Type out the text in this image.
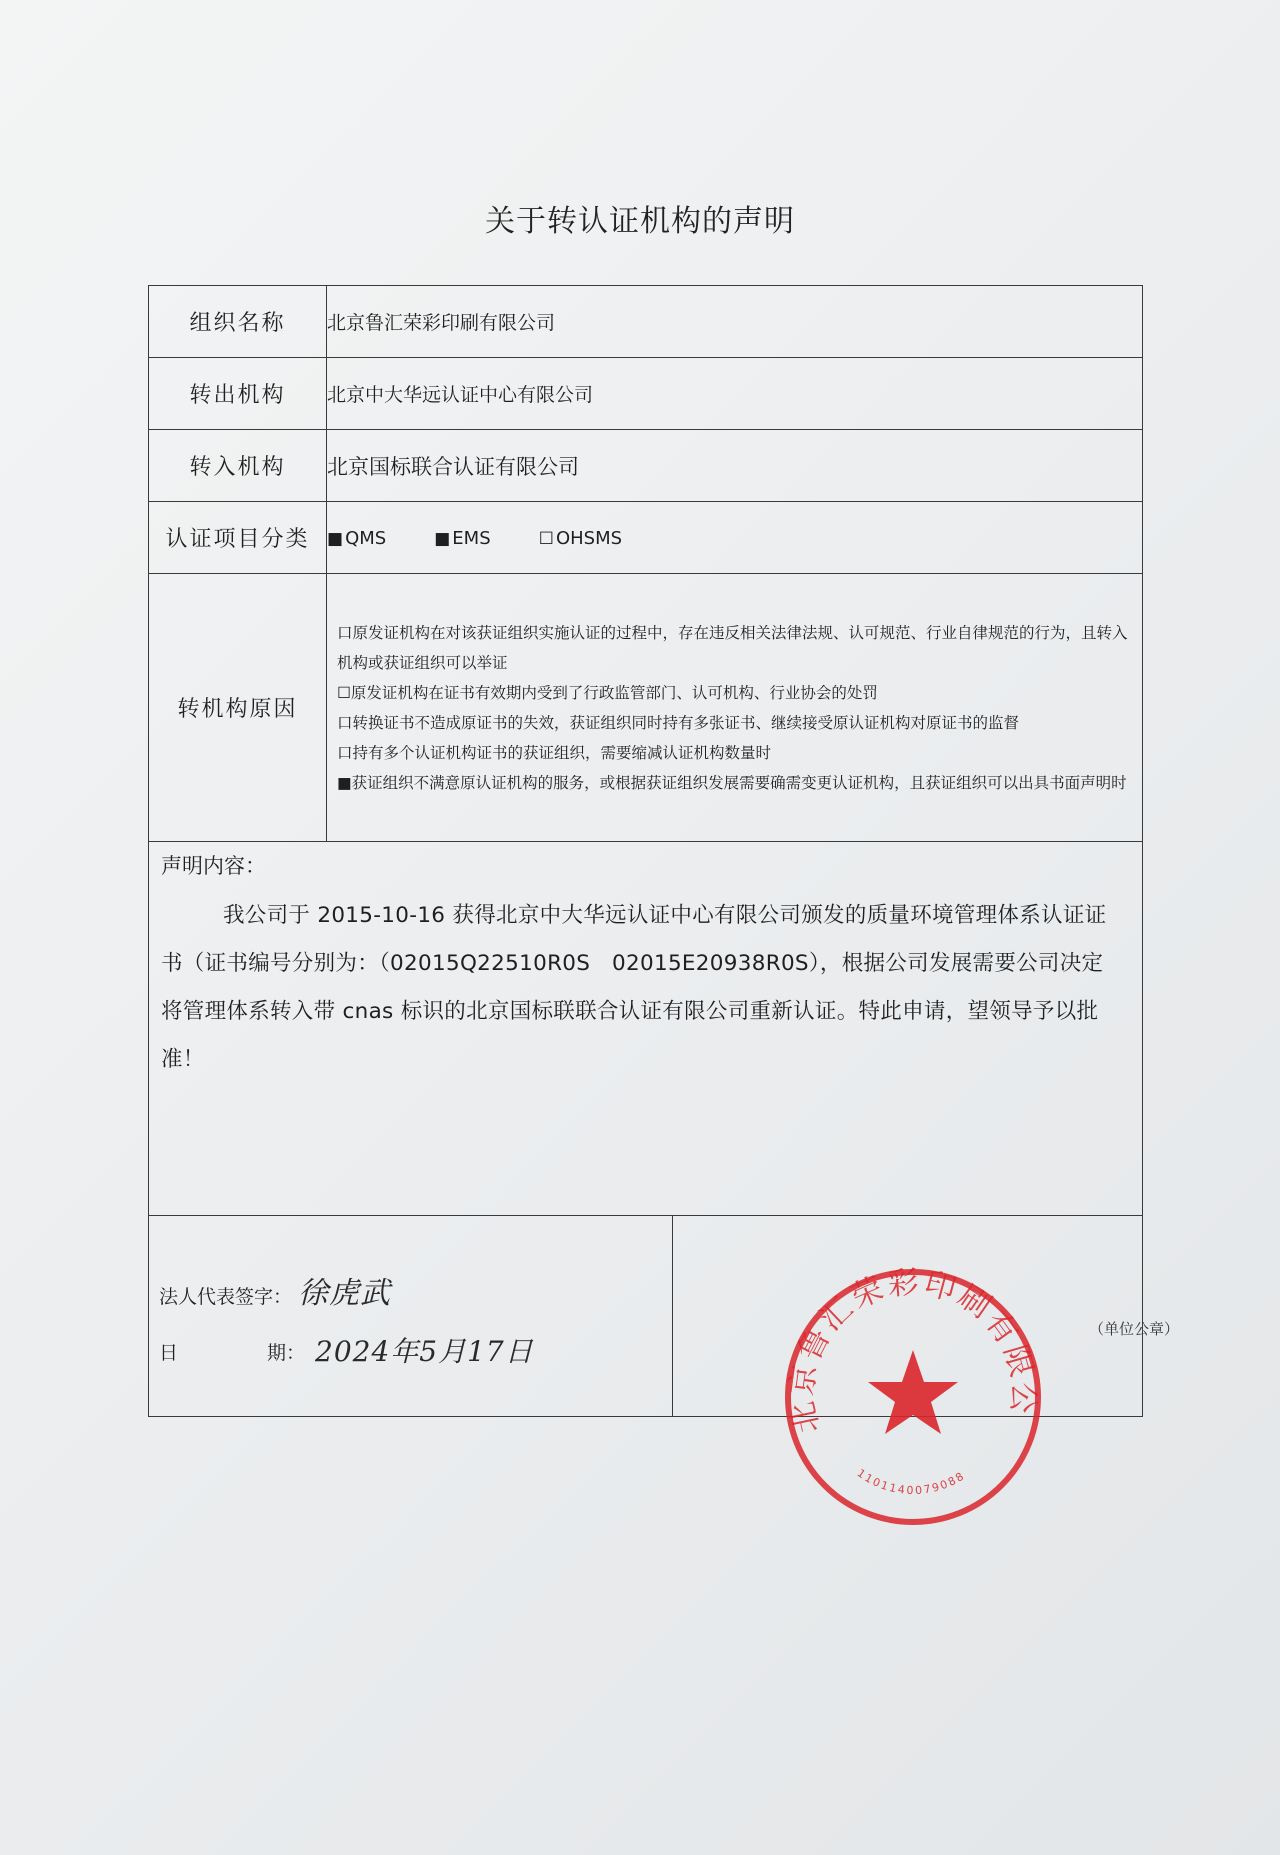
关于转认证机构的声明
组织名称	北京鲁汇荣彩印刷有限公司
转出机构	北京中大华远认证中心有限公司
转入机构	北京国标联合认证有限公司
认证项目分类	■ QMS	■ EMS	☐ OHSMS
转机构原因	

口原发证机构在对该获证组织实施认证的过程中，存在违反相关法律法规、认可规范、行业自律规范的行为，且转入机构或获证组织可以举证

☐原发证机构在证书有效期内受到了行政监管部门、认可机构、行业协会的处罚

口转换证书不造成原证书的失效，获证组织同时持有多张证书、继续接受原认证机构对原证书的监督

口持有多个认证机构证书的获证组织，需要缩减认证机构数量时

■获证组织不满意原认证机构的服务，或根据获证组织发展需要确需变更认证机构，且获证组织可以出具书面声明时

声明内容：
我公司于 2015-10-16 获得北京中大华远认证中心有限公司颁发的质量环境管理体系认证证书（证书编号分别为：（02015Q22510R0S　02015E20938R0S），根据公司发展需要公司决定将管理体系转入带 cnas 标识的北京国标联联合认证有限公司重新认证。特此申请，望领导予以批准！

法人代表签字： 徐虎武
日	期： 2024年5月17日

（单位公章）
北京鲁汇荣彩印刷有限公
1101140079088
